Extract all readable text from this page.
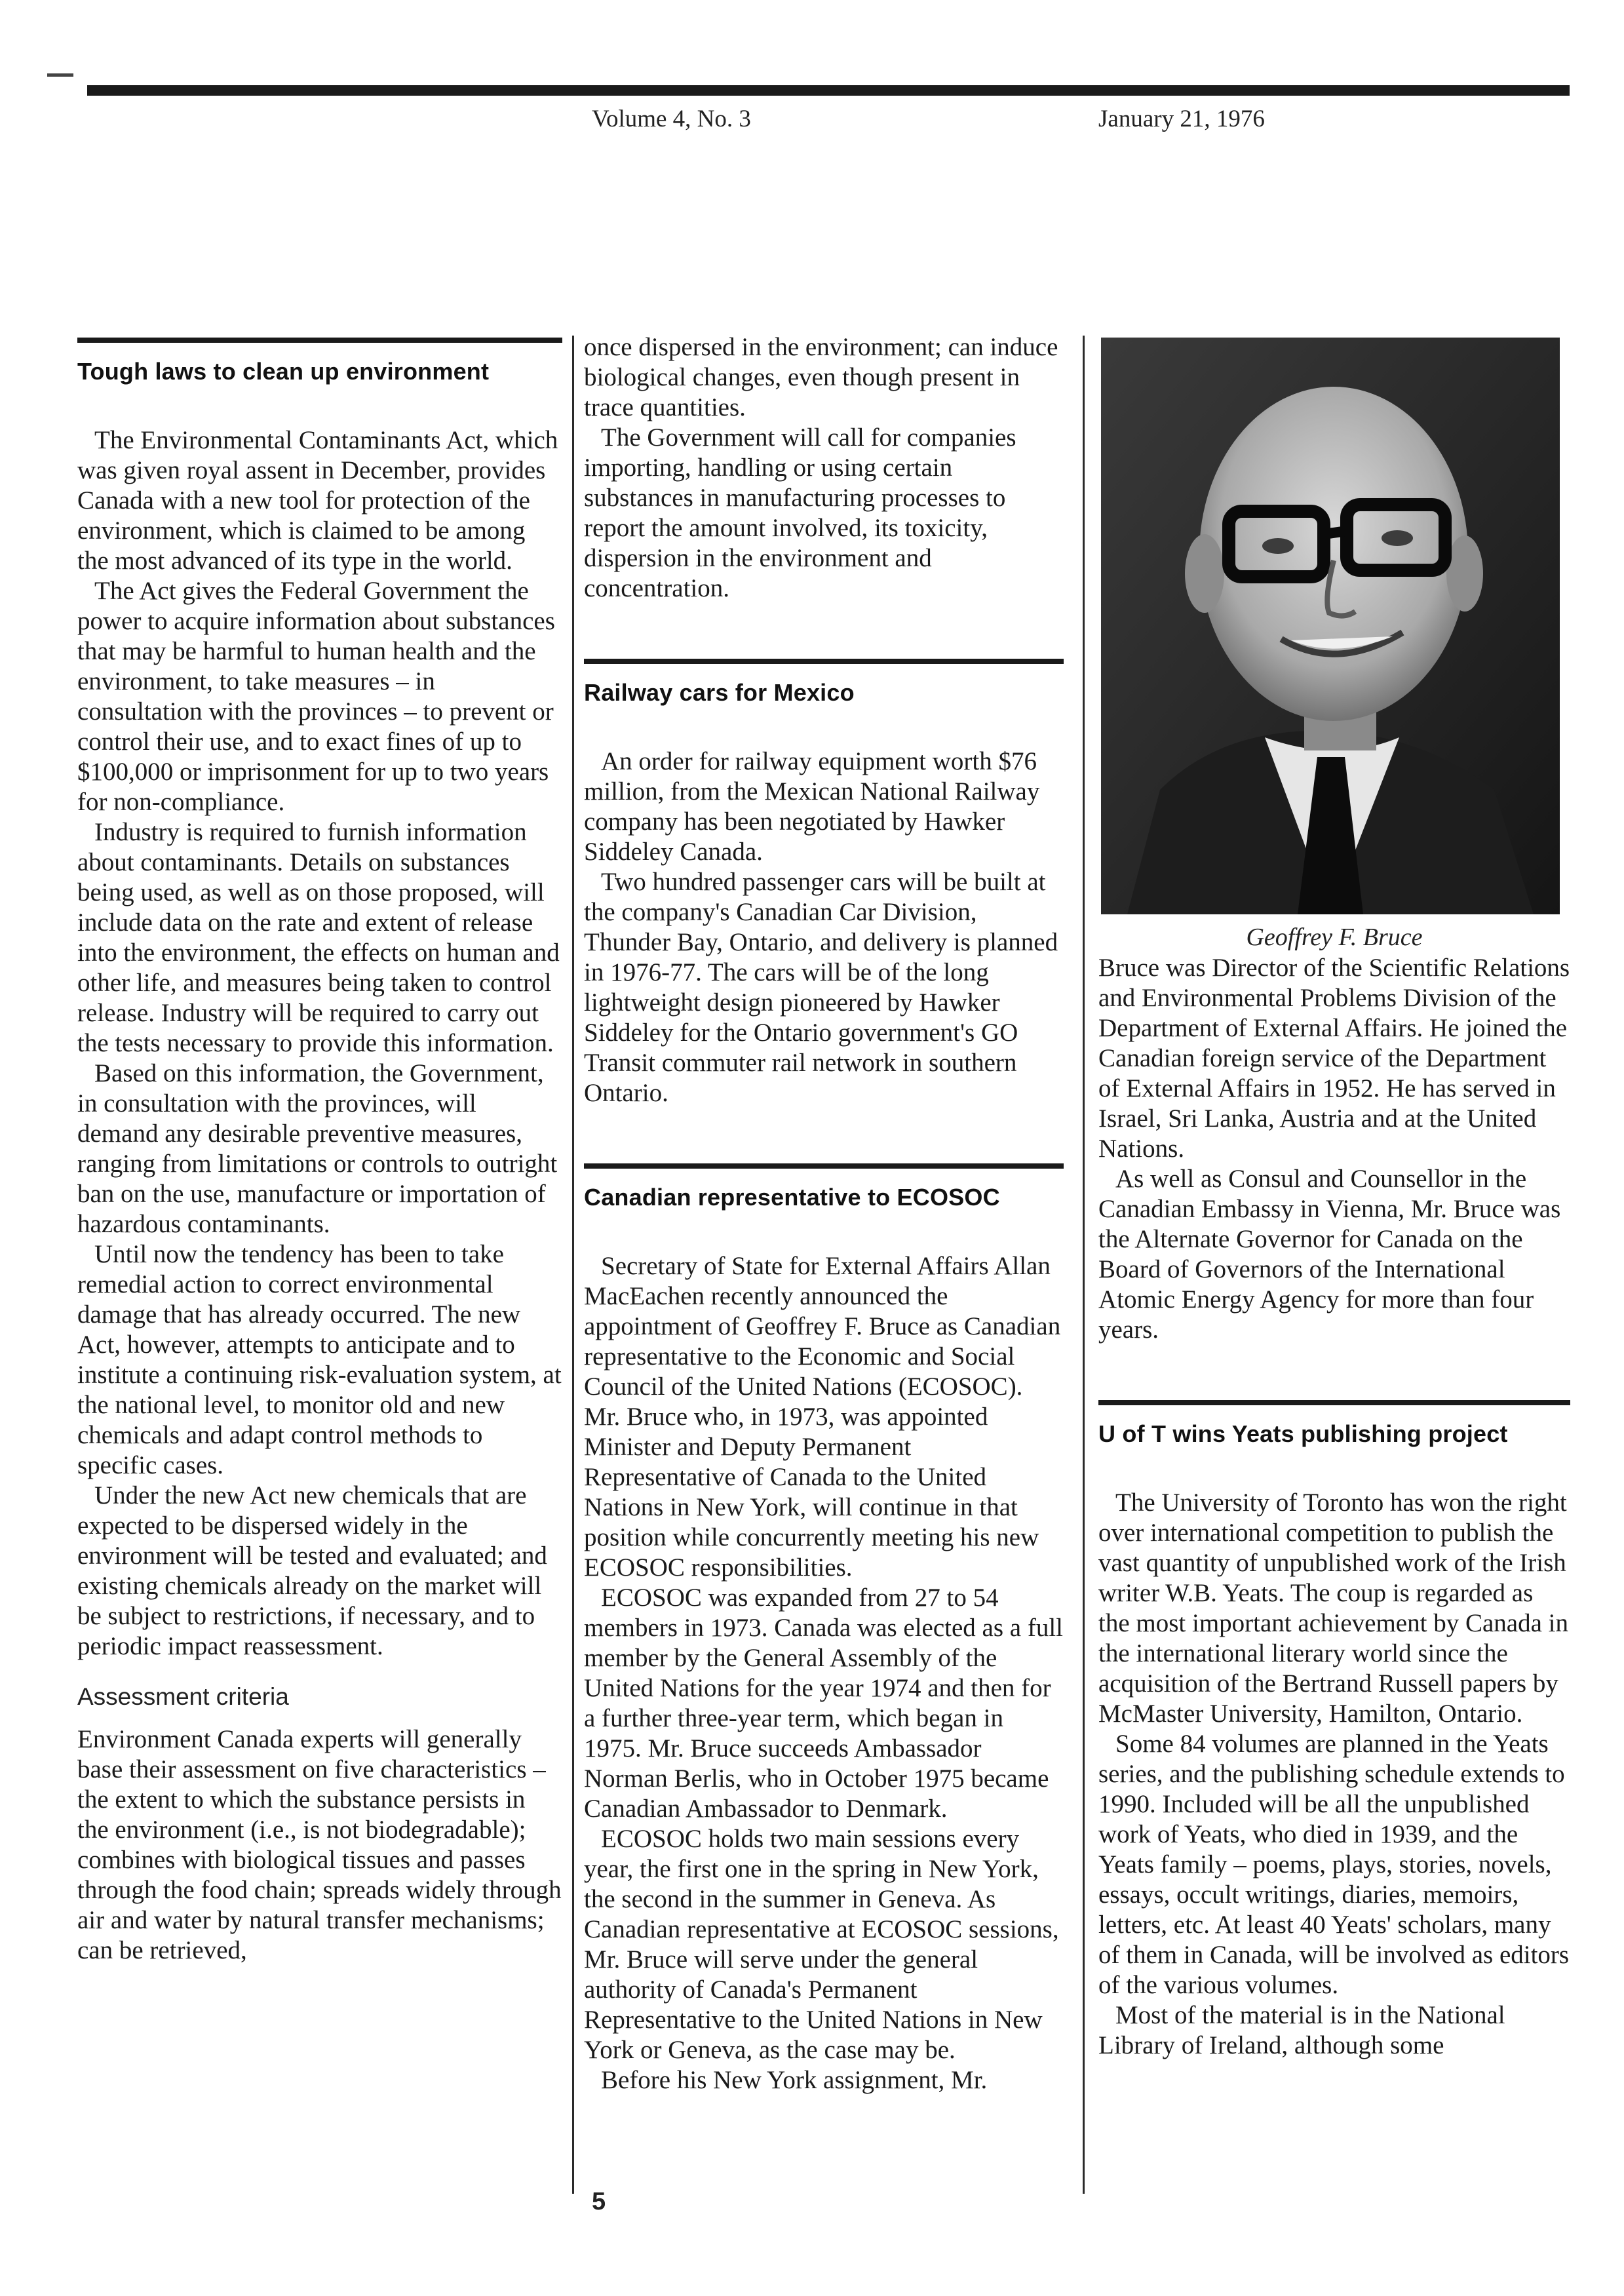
Volume 4, No. 3	January 21, 1976
Tough laws to clean up environment

The Environmental Contaminants Act, which was given royal assent in December, provides Canada with a new tool for protection of the environment, which is claimed to be among the most advanced of its type in the world.

The Act gives the Federal Government the power to acquire information about substances that may be harmful to human health and the environment, to take measures – in consultation with the provinces – to prevent or control their use, and to exact fines of up to $100,000 or imprisonment for up to two years for non-compliance.

Industry is required to furnish information about contaminants. Details on substances being used, as well as on those proposed, will include data on the rate and extent of release into the environment, the effects on human and other life, and measures being taken to control release. Industry will be required to carry out the tests necessary to provide this information.

Based on this information, the Government, in consultation with the provinces, will demand any desirable preventive measures, ranging from limitations or controls to outright ban on the use, manufacture or importation of hazardous contaminants.

Until now the tendency has been to take remedial action to correct environmental damage that has already occurred. The new Act, however, attempts to anticipate and to institute a continuing risk-evaluation system, at the national level, to monitor old and new chemicals and adapt control methods to specific cases.

Under the new Act new chemicals that are expected to be dispersed widely in the environment will be tested and evaluated; and existing chemicals already on the market will be subject to restrictions, if necessary, and to periodic impact reassessment.

Assessment criteria

Environment Canada experts will generally base their assessment on five characteristics – the extent to which the substance persists in the environment (i.e., is not biodegradable); combines with biological tissues and passes through the food chain; spreads widely through air and water by natural transfer mechanisms; can be retrieved,

once dispersed in the environment; can induce biological changes, even though present in trace quantities.

The Government will call for companies importing, handling or using certain substances in manufacturing processes to report the amount involved, its toxicity, dispersion in the environment and concentration.

Railway cars for Mexico

An order for railway equipment worth $76 million, from the Mexican National Railway company has been negotiated by Hawker Siddeley Canada.

Two hundred passenger cars will be built at the company's Canadian Car Division, Thunder Bay, Ontario, and delivery is planned in 1976-77. The cars will be of the long lightweight design pioneered by Hawker Siddeley for the Ontario government's GO Transit commuter rail network in southern Ontario.

Canadian representative to ECOSOC

Secretary of State for External Affairs Allan MacEachen recently announced the appointment of Geoffrey F. Bruce as Canadian representative to the Economic and Social Council of the United Nations (ECOSOC). Mr. Bruce who, in 1973, was appointed Minister and Deputy Permanent Representative of Canada to the United Nations in New York, will continue in that position while concurrently meeting his new ECOSOC responsibilities.

ECOSOC was expanded from 27 to 54 members in 1973. Canada was elected as a full member by the General Assembly of the United Nations for the year 1974 and then for a further three-year term, which began in 1975. Mr. Bruce succeeds Ambassador Norman Berlis, who in October 1975 became Canadian Ambassador to Denmark.

ECOSOC holds two main sessions every year, the first one in the spring in New York, the second in the summer in Geneva. As Canadian representative at ECOSOC sessions, Mr. Bruce will serve under the general authority of Canada's Permanent Representative to the United Nations in New York or Geneva, as the case may be.

Before his New York assignment, Mr.

Geoffrey F. Bruce

Bruce was Director of the Scientific Relations and Environmental Problems Division of the Department of External Affairs. He joined the Canadian foreign service of the Department of External Affairs in 1952. He has served in Israel, Sri Lanka, Austria and at the United Nations.

As well as Consul and Counsellor in the Canadian Embassy in Vienna, Mr. Bruce was the Alternate Governor for Canada on the Board of Governors of the International Atomic Energy Agency for more than four years.

U of T wins Yeats publishing project

The University of Toronto has won the right over international competition to publish the vast quantity of unpublished work of the Irish writer W.B. Yeats. The coup is regarded as the most important achievement by Canada in the international literary world since the acquisition of the Bertrand Russell papers by McMaster University, Hamilton, Ontario.

Some 84 volumes are planned in the Yeats series, and the publishing schedule extends to 1990. Included will be all the unpublished work of Yeats, who died in 1939, and the Yeats family – poems, plays, stories, novels, essays, occult writings, diaries, memoirs, letters, etc. At least 40 Yeats' scholars, many of them in Canada, will be involved as editors of the various volumes.

Most of the material is in the National Library of Ireland, although some

5
